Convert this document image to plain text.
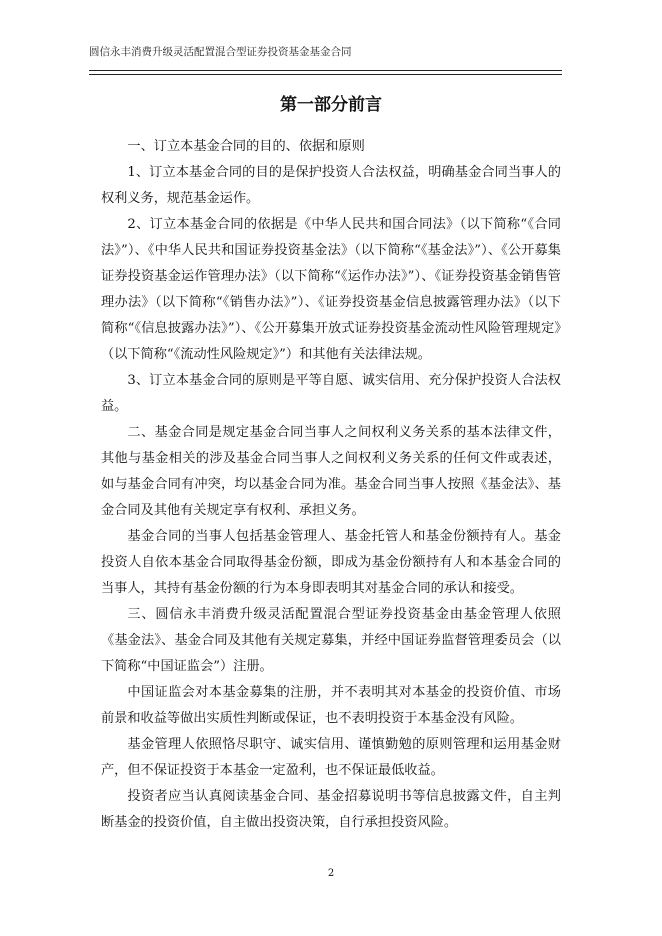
圆信永丰消费升级灵活配置混合型证券投资基金基金合同
第一部分前言

一、订立本基金合同的目的、依据和原则

1、订立本基金合同的目的是保护投资人合法权益，明确基金合同当事人的权利义务，规范基金运作。

2、订立本基金合同的依据是《中华人民共和国合同法》（以下简称“《合同法》”）、《中华人民共和国证券投资基金法》（以下简称“《基金法》”）、《公开募集证券投资基金运作管理办法》（以下简称“《运作办法》”）、《证券投资基金销售管理办法》（以下简称“《销售办法》”）、《证券投资基金信息披露管理办法》（以下简称“《信息披露办法》”）、《公开募集开放式证券投资基金流动性风险管理规定》（以下简称“《流动性风险规定》”）和其他有关法律法规。

3、订立本基金合同的原则是平等自愿、诚实信用、充分保护投资人合法权益。

二、基金合同是规定基金合同当事人之间权利义务关系的基本法律文件，其他与基金相关的涉及基金合同当事人之间权利义务关系的任何文件或表述，如与基金合同有冲突，均以基金合同为准。基金合同当事人按照《基金法》、基金合同及其他有关规定享有权利、承担义务。

基金合同的当事人包括基金管理人、基金托管人和基金份额持有人。基金投资人自依本基金合同取得基金份额，即成为基金份额持有人和本基金合同的当事人，其持有基金份额的行为本身即表明其对基金合同的承认和接受。

三、圆信永丰消费升级灵活配置混合型证券投资基金由基金管理人依照《基金法》、基金合同及其他有关规定募集，并经中国证券监督管理委员会（以下简称“中国证监会”）注册。

中国证监会对本基金募集的注册，并不表明其对本基金的投资价值、市场前景和收益等做出实质性判断或保证，也不表明投资于本基金没有风险。

基金管理人依照恪尽职守、诚实信用、谨慎勤勉的原则管理和运用基金财产，但不保证投资于本基金一定盈利，也不保证最低收益。

投资者应当认真阅读基金合同、基金招募说明书等信息披露文件，自主判断基金的投资价值，自主做出投资决策，自行承担投资风险。

2
